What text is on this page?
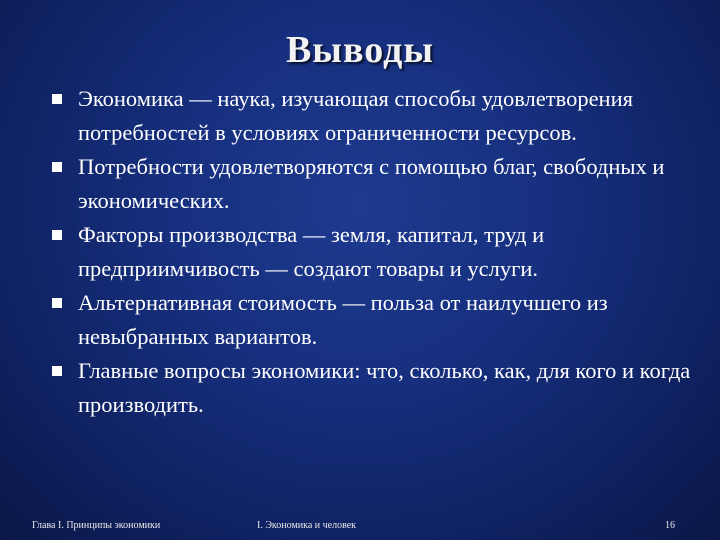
Выводы
Экономика — наука, изучающая способы удовлетворения потребностей в условиях ограниченности ресурсов.
Потребности удовлетворяются с помощью благ, свободных и экономических.
Факторы производства — земля, капитал, труд и предприимчивость — создают товары и услуги.
Альтернативная стоимость — польза от наилучшего из невыбранных вариантов.
Главные вопросы экономики: что, сколько, как, для кого и когда производить.
Глава I. Принципы экономики	I. Экономика и человек	16
